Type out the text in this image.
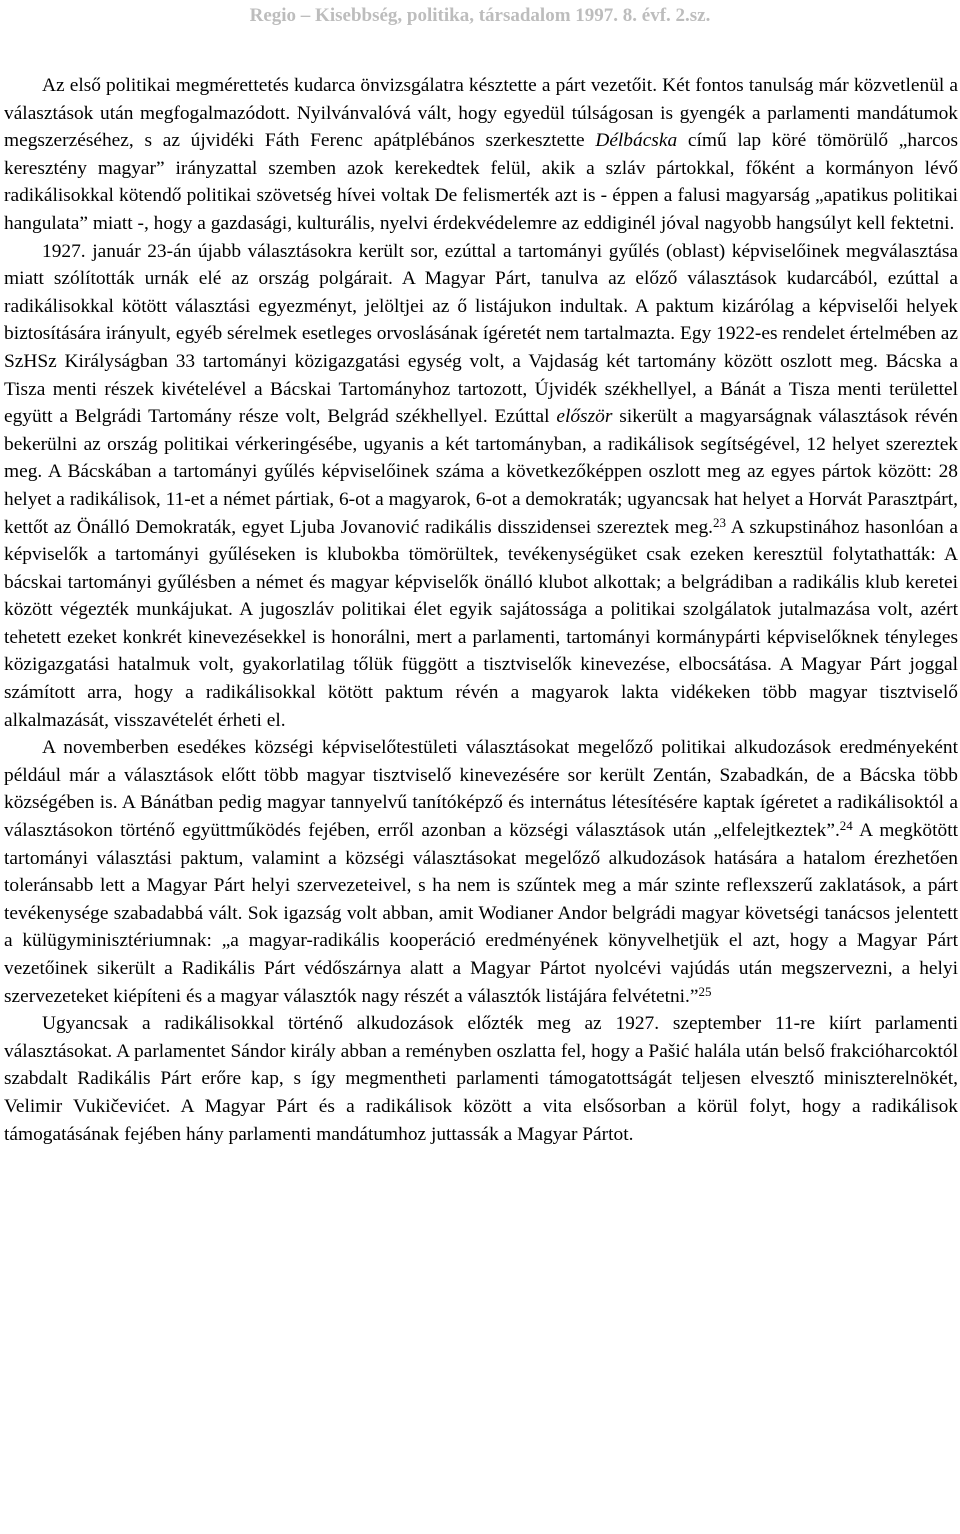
Regio – Kisebbség, politika, társadalom 1997. 8. évf. 2.sz.

Az első politikai megmérettetés kudarca önvizsgálatra késztette a párt vezetőit. Két fontos tanulság már közvetlenül a választások után megfogalmazódott. Nyilvánvalóvá vált, hogy egyedül túlságosan is gyengék a parlamenti mandátumok megszerzéséhez, s az újvidéki Fáth Ferenc apátplébános szerkesztette Délbácska című lap köré tömörülő „harcos keresztény magyar” irányzattal szemben azok kerekedtek felül, akik a szláv pártokkal, főként a kormányon lévő radikálisokkal kötendő politikai szövetség hívei voltak De felismerték azt is - éppen a falusi magyarság „apatikus politikai hangulata” miatt -, hogy a gazdasági, kulturális, nyelvi érdekvédelemre az eddiginél jóval nagyobb hangsúlyt kell fektetni.

1927. január 23-án újabb választásokra került sor, ezúttal a tartományi gyűlés (oblast) képviselőinek megválasztása miatt szólították urnák elé az ország polgárait. A Magyar Párt, tanulva az előző választások kudarcából, ezúttal a radikálisokkal kötött választási egyezményt, jelöltjei az ő listájukon indultak. A paktum kizárólag a képviselői helyek biztosítására irányult, egyéb sérelmek esetleges orvoslásának ígéretét nem tartalmazta. Egy 1922-es rendelet értelmében az SzHSz Királyságban 33 tartományi közigazgatási egység volt, a Vajdaság két tartomány között oszlott meg. Bácska a Tisza menti részek kivételével a Bácskai Tartományhoz tartozott, Újvidék székhellyel, a Bánát a Tisza menti területtel együtt a Belgrádi Tartomány része volt, Belgrád székhellyel. Ezúttal először sikerült a magyarságnak választások révén bekerülni az ország politikai vérkeringésébe, ugyanis a két tartományban, a radikálisok segítségével, 12 helyet szereztek meg. A Bácskában a tartományi gyűlés képviselőinek száma a következőképpen oszlott meg az egyes pártok között: 28 helyet a radikálisok, 11-et a német pártiak, 6-ot a magyarok, 6-ot a demokraták; ugyancsak hat helyet a Horvát Parasztpárt, kettőt az Önálló Demokraták, egyet Ljuba Jovanović radikális disszidensei szereztek meg.$^{23}$ A szkupstinához hasonlóan a képviselők a tartományi gyűléseken is klubokba tömörültek, tevékenységüket csak ezeken keresztül folytathatták: A bácskai tartományi gyűlésben a német és magyar képviselők önálló klubot alkottak; a belgrádiban a radikális klub keretei között végezték munkájukat. A jugoszláv politikai élet egyik sajátossága a politikai szolgálatok jutalmazása volt, azért tehetett ezeket konkrét kinevezésekkel is honorálni, mert a parlamenti, tartományi kormánypárti képviselőknek tényleges közigazgatási hatalmuk volt, gyakorlatilag tőlük függött a tisztviselők kinevezése, elbocsátása. A Magyar Párt joggal számított arra, hogy a radikálisokkal kötött paktum révén a magyarok lakta vidékeken több magyar tisztviselő alkalmazását, visszavételét érheti el.

A novemberben esedékes községi képviselőtestületi választásokat megelőző politikai alkudozások eredményeként például már a választások előtt több magyar tisztviselő kinevezésére sor került Zentán, Szabadkán, de a Bácska több községében is. A Bánátban pedig magyar tannyelvű tanítóképző és internátus létesítésére kaptak ígéretet a radikálisoktól a választásokon történő együttműködés fejében, erről azonban a községi választások után „elfelejtkeztek”.$^{24}$ A megkötött tartományi választási paktum, valamint a községi választásokat megelőző alkudozások hatására a hatalom érezhetően toleránsabb lett a Magyar Párt helyi szervezeteivel, s ha nem is szűntek meg a már szinte reflexszerű zaklatások, a párt tevékenysége szabadabbá vált. Sok igazság volt abban, amit Wodianer Andor belgrádi magyar követségi tanácsos jelentett a külügyminisztériumnak: „a magyar-radikális kooperáció eredményének könyvelhetjük el azt, hogy a Magyar Párt vezetőinek sikerült a Radikális Párt védőszárnya alatt a Magyar Pártot nyolcévi vajúdás után megszervezni, a helyi szervezeteket kiépíteni és a magyar választók nagy részét a választók listájára felvétetni.”$^{25}$

Ugyancsak a radikálisokkal történő alkudozások előzték meg az 1927. szeptember 11-re kiírt parlamenti választásokat. A parlamentet Sándor király abban a reményben oszlatta fel, hogy a Pašić halála után belső frakcióharcoktól szabdalt Radikális Párt erőre kap, s így megmentheti parlamenti támogatottságát teljesen elvesztő miniszterelnökét, Velimir Vukičevićet. A Magyar Párt és a radikálisok között a vita elsősorban a körül folyt, hogy a radikálisok támogatásának fejében hány parlamenti mandátumhoz juttassák a Magyar Pártot.
